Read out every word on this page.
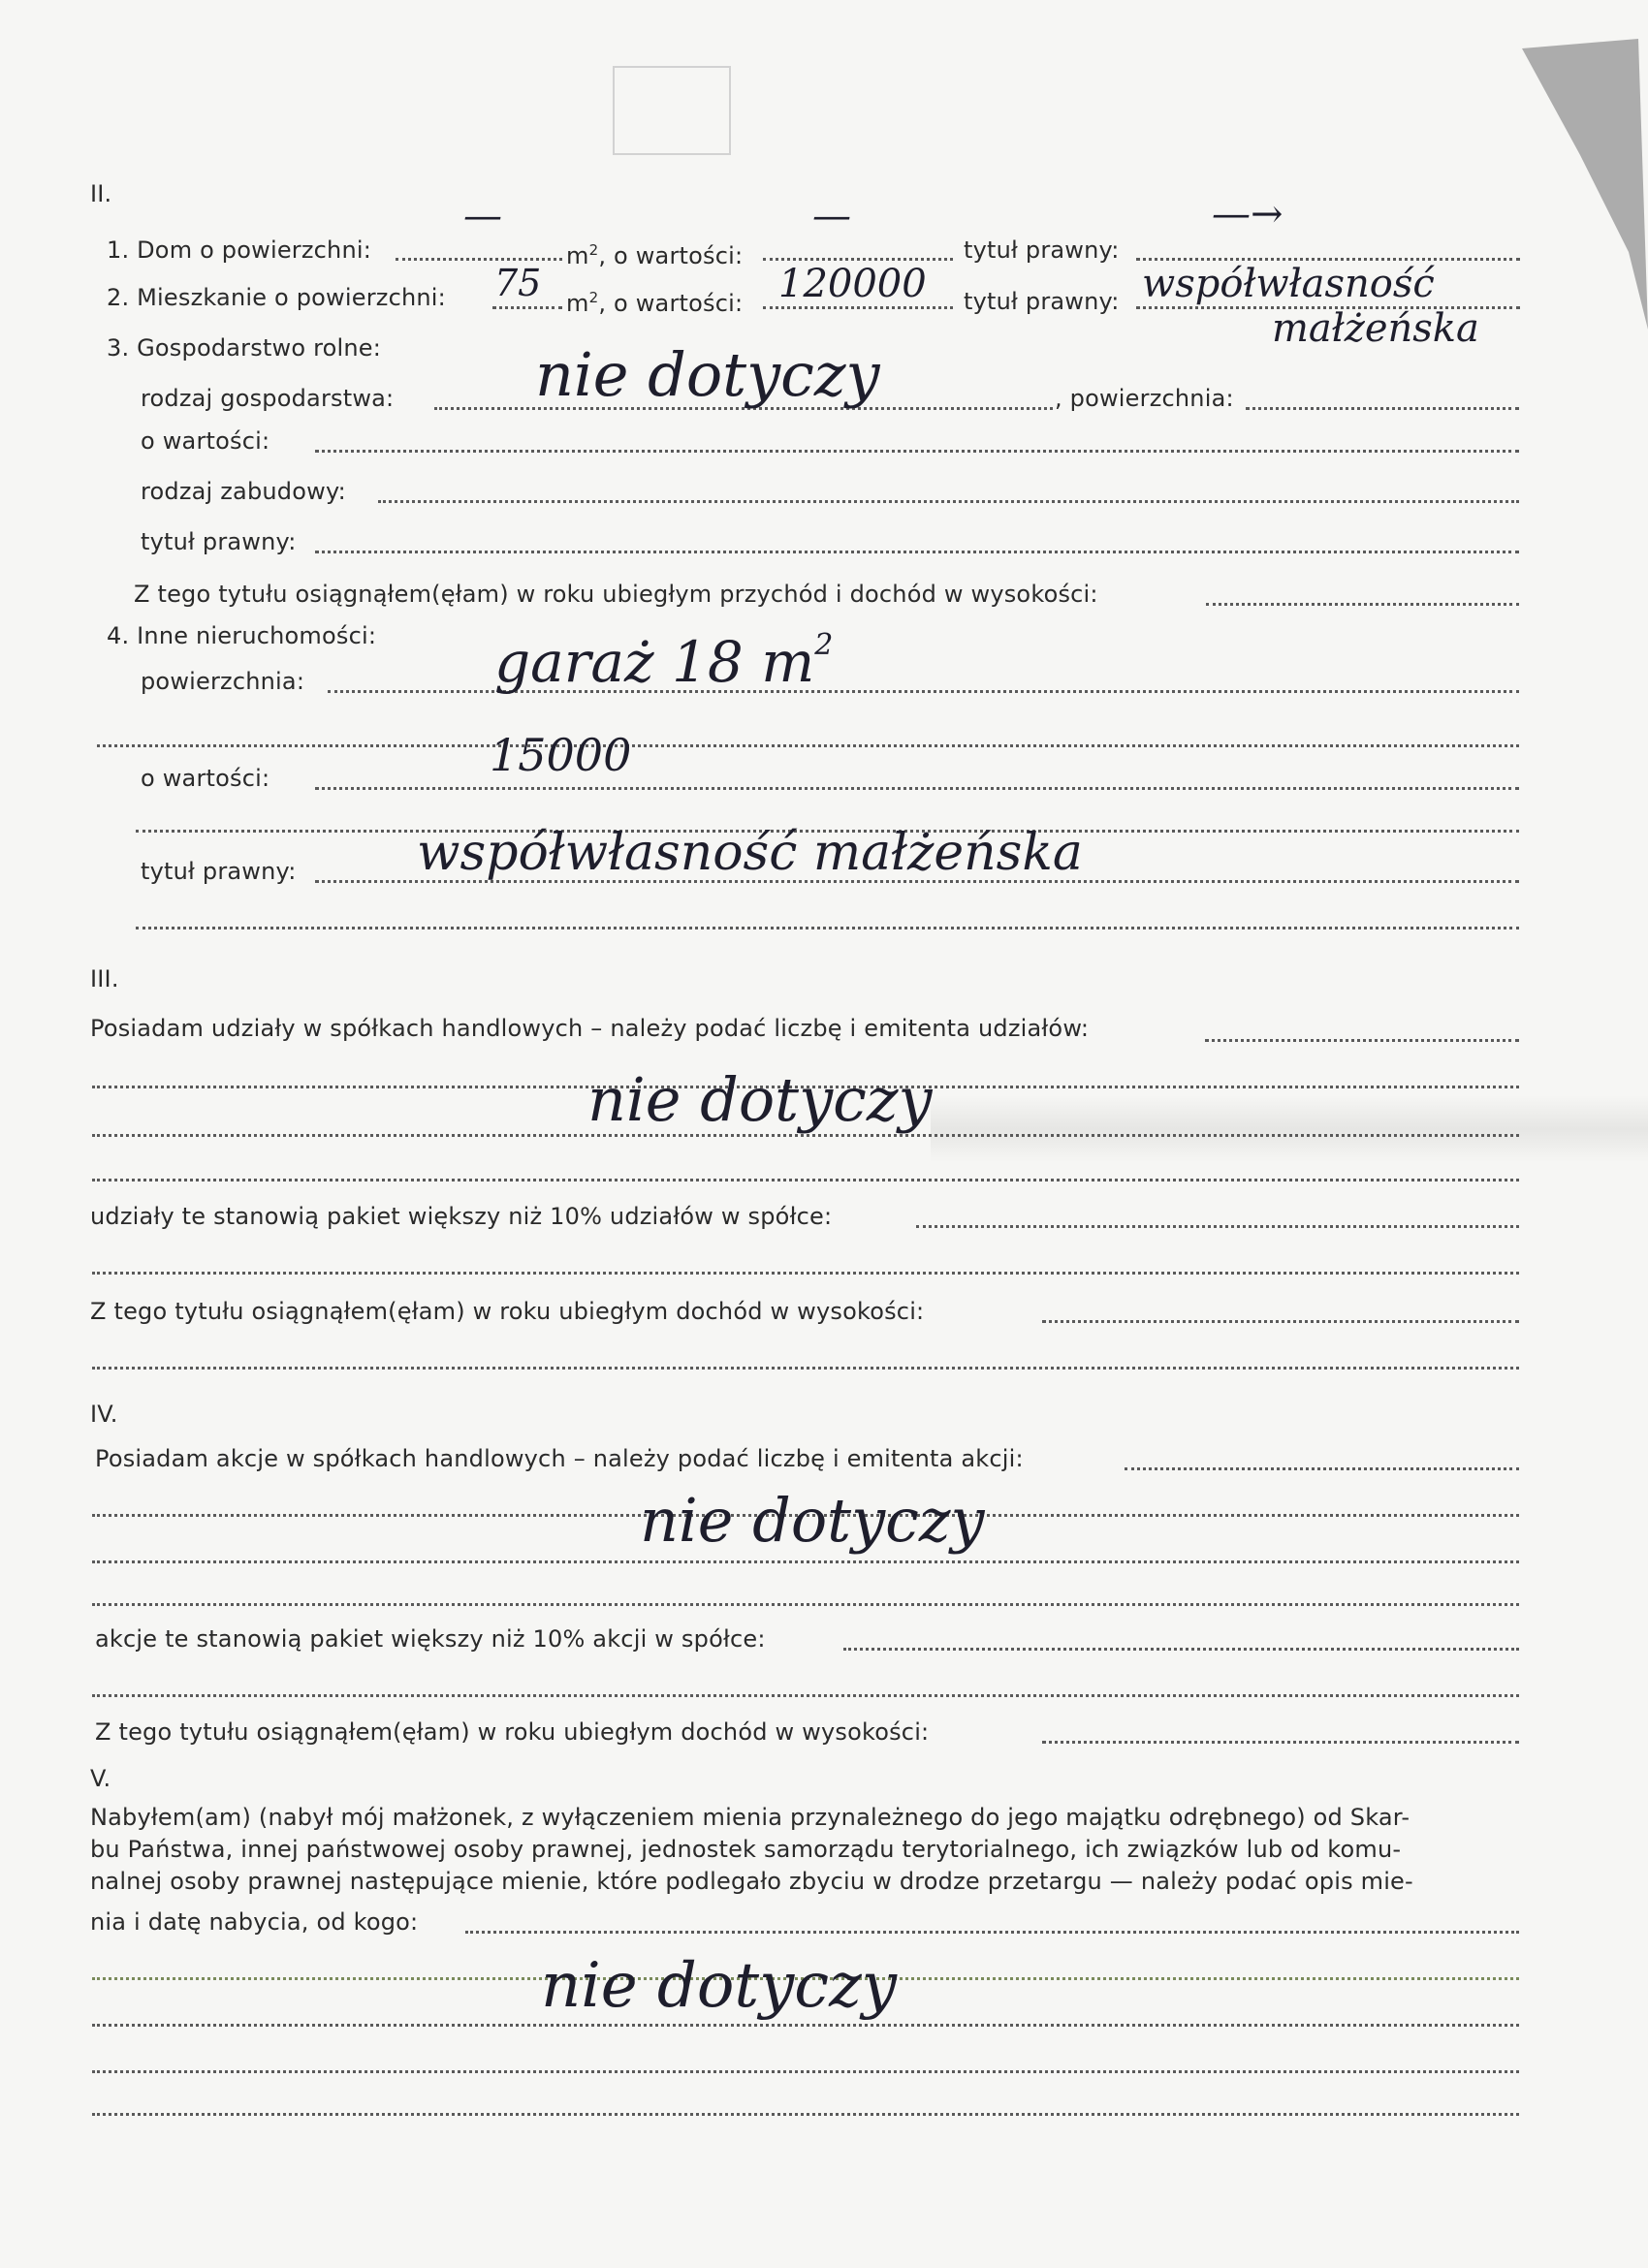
II.
1. Dom o powierzchni:	$m^2$, o wartości:	tytuł prawny:
—	—	—→
2. Mieszkanie o powierzchni:	$m^2$, o wartości:	tytuł prawny:
75	120000	współwłasność
małżeńska
3. Gospodarstwo rolne:
rodzaj gospodarstwa:	, powierzchnia:
nie dotyczy
o wartości:
rodzaj zabudowy:
tytuł prawny:
Z tego tytułu osiągnąłem(ęłam) w roku ubiegłym przychód i dochód w wysokości:
4. Inne nieruchomości:
powierzchnia:	garaż 18 $m^2$
o wartości:	15000
tytuł prawny: współwłasność małżeńska
III.
Posiadam udziały w spółkach handlowych – należy podać liczbę i emitenta udziałów:
nie dotyczy
udziały te stanowią pakiet większy niż 10% udziałów w spółce:
Z tego tytułu osiągnąłem(ęłam) w roku ubiegłym dochód w wysokości:
IV.
Posiadam akcje w spółkach handlowych – należy podać liczbę i emitenta akcji:
nie dotyczy
akcje te stanowią pakiet większy niż 10% akcji w spółce:
Z tego tytułu osiągnąłem(ęłam) w roku ubiegłym dochód w wysokości:
V.
Nabyłem(am) (nabył mój małżonek, z wyłączeniem mienia przynależnego do jego majątku odrębnego) od Skar-
bu Państwa, innej państwowej osoby prawnej, jednostek samorządu terytorialnego, ich związków lub od komu-
nalnej osoby prawnej następujące mienie, które podlegało zbyciu w drodze przetargu — należy podać opis mie-
nia i datę nabycia, od kogo:
nie dotyczy
